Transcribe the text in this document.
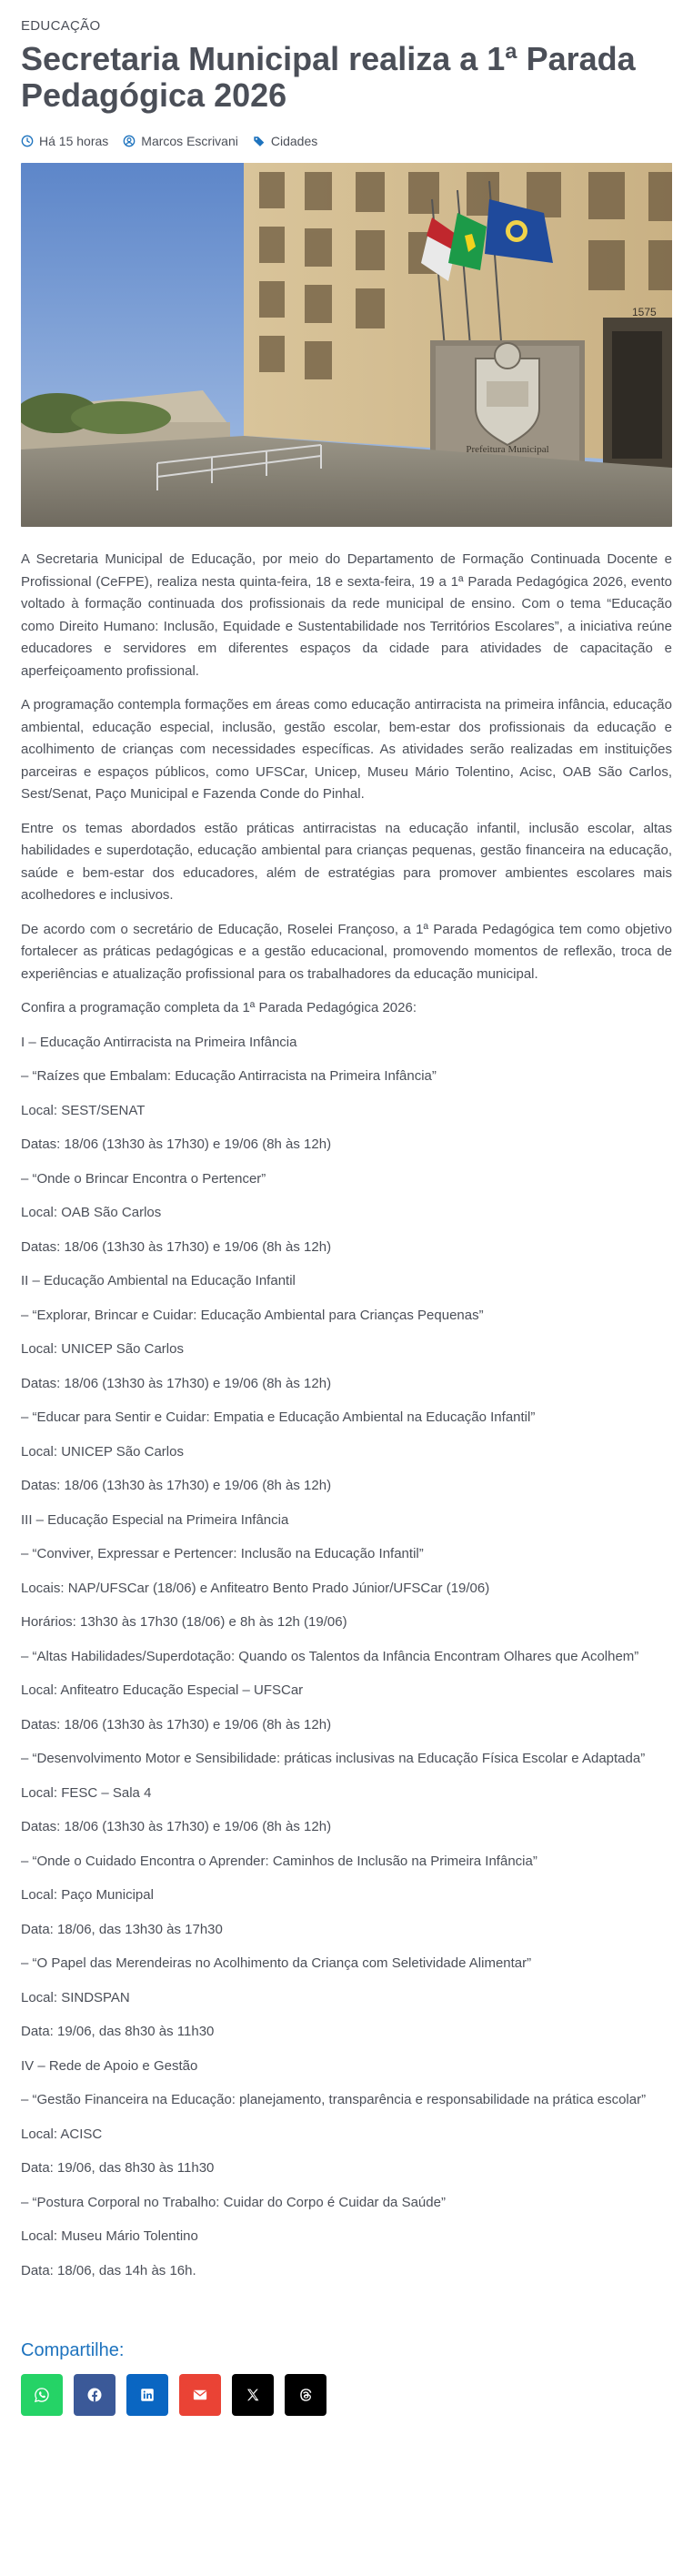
EDUCAÇÃO
Secretaria Municipal realiza a 1ª Parada Pedagógica 2026
Há 15 horas	Marcos Escrivani	Cidades
1575
Prefeitura Municipal

A Secretaria Municipal de Educação, por meio do Departamento de Formação Continuada Docente e Profissional (CeFPE), realiza nesta quinta-feira, 18 e sexta-feira, 19 a 1ª Parada Pedagógica 2026, evento voltado à formação continuada dos profissionais da rede municipal de ensino. Com o tema “Educação como Direito Humano: Inclusão, Equidade e Sustentabilidade nos Territórios Escolares”, a iniciativa reúne educadores e servidores em diferentes espaços da cidade para atividades de capacitação e aperfeiçoamento profissional.

A programação contempla formações em áreas como educação antirracista na primeira infância, educação ambiental, educação especial, inclusão, gestão escolar, bem-estar dos profissionais da educação e acolhimento de crianças com necessidades específicas. As atividades serão realizadas em instituições parceiras e espaços públicos, como UFSCar, Unicep, Museu Mário Tolentino, Acisc, OAB São Carlos, Sest/Senat, Paço Municipal e Fazenda Conde do Pinhal.

Entre os temas abordados estão práticas antirracistas na educação infantil, inclusão escolar, altas habilidades e superdotação, educação ambiental para crianças pequenas, gestão financeira na educação, saúde e bem-estar dos educadores, além de estratégias para promover ambientes escolares mais acolhedores e inclusivos.

De acordo com o secretário de Educação, Roselei Françoso, a 1ª Parada Pedagógica tem como objetivo fortalecer as práticas pedagógicas e a gestão educacional, promovendo momentos de reflexão, troca de experiências e atualização profissional para os trabalhadores da educação municipal.

Confira a programação completa da 1ª Parada Pedagógica 2026:

I – Educação Antirracista na Primeira Infância

– “Raízes que Embalam: Educação Antirracista na Primeira Infância”

Local: SEST/SENAT

Datas: 18/06 (13h30 às 17h30) e 19/06 (8h às 12h)

– “Onde o Brincar Encontra o Pertencer”

Local: OAB São Carlos

Datas: 18/06 (13h30 às 17h30) e 19/06 (8h às 12h)

II – Educação Ambiental na Educação Infantil

– “Explorar, Brincar e Cuidar: Educação Ambiental para Crianças Pequenas”

Local: UNICEP São Carlos

Datas: 18/06 (13h30 às 17h30) e 19/06 (8h às 12h)

– “Educar para Sentir e Cuidar: Empatia e Educação Ambiental na Educação Infantil”

Local: UNICEP São Carlos

Datas: 18/06 (13h30 às 17h30) e 19/06 (8h às 12h)

III – Educação Especial na Primeira Infância

– “Conviver, Expressar e Pertencer: Inclusão na Educação Infantil”

Locais: NAP/UFSCar (18/06) e Anfiteatro Bento Prado Júnior/UFSCar (19/06)

Horários: 13h30 às 17h30 (18/06) e 8h às 12h (19/06)

– “Altas Habilidades/Superdotação: Quando os Talentos da Infância Encontram Olhares que Acolhem”

Local: Anfiteatro Educação Especial – UFSCar

Datas: 18/06 (13h30 às 17h30) e 19/06 (8h às 12h)

– “Desenvolvimento Motor e Sensibilidade: práticas inclusivas na Educação Física Escolar e Adaptada”

Local: FESC – Sala 4

Datas: 18/06 (13h30 às 17h30) e 19/06 (8h às 12h)

– “Onde o Cuidado Encontra o Aprender: Caminhos de Inclusão na Primeira Infância”

Local: Paço Municipal

Data: 18/06, das 13h30 às 17h30

– “O Papel das Merendeiras no Acolhimento da Criança com Seletividade Alimentar”

Local: SINDSPAN

Data: 19/06, das 8h30 às 11h30

IV – Rede de Apoio e Gestão

– “Gestão Financeira na Educação: planejamento, transparência e responsabilidade na prática escolar”

Local: ACISC

Data: 19/06, das 8h30 às 11h30

– “Postura Corporal no Trabalho: Cuidar do Corpo é Cuidar da Saúde”

Local: Museu Mário Tolentino

Data: 18/06, das 14h às 16h.

Compartilhe:
